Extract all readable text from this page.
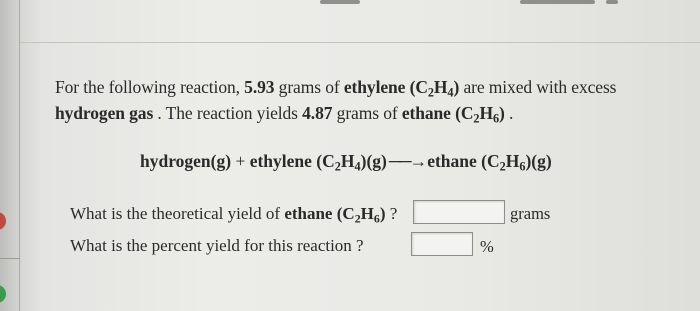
For the following reaction, 5.93 grams of ethylene $(C_2H_4)$ are mixed with excess
hydrogen gas . The reaction yields 4.87 grams of ethane $(C_2H_6)$ .
hydrogen(g) + ethylene $(C_2H_4)(g)$ ──→ ethane $(C_2H_6)(g)$
What is the theoretical yield of ethane $(C_2H_6)$ ?	grams
What is the percent yield for this reaction ?	%
